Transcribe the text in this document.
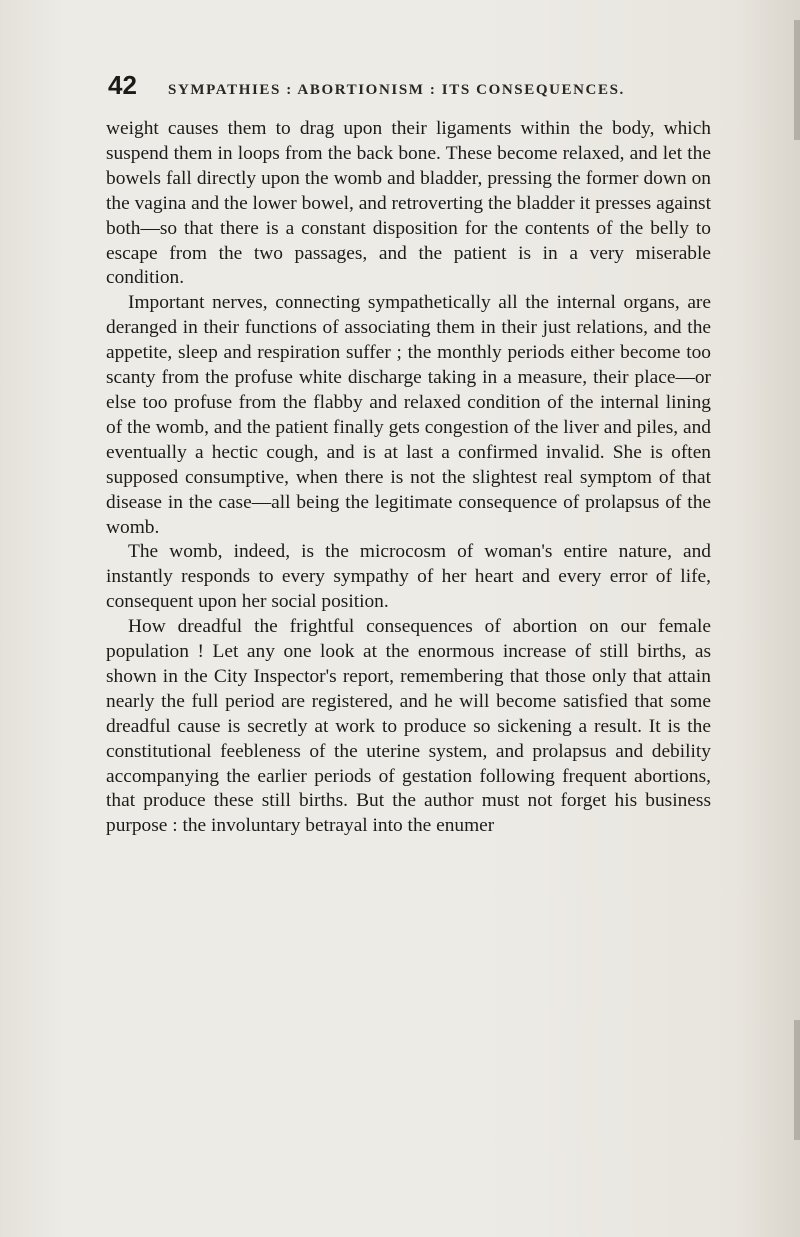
42	SYMPATHIES : ABORTIONISM : ITS CONSEQUENCES.

weight causes them to drag upon their ligaments within the body, which suspend them in loops from the back bone. These become relaxed, and let the bowels fall directly upon the womb and bladder, pressing the former down on the vagina and the lower bowel, and retroverting the bladder it presses against both—so that there is a constant disposition for the contents of the belly to escape from the two passages, and the patient is in a very miserable condition.

Important nerves, connecting sympathetically all the internal organs, are deranged in their functions of associating them in their just relations, and the appetite, sleep and respiration suffer ; the monthly periods either become too scanty from the profuse white discharge taking in a measure, their place—or else too profuse from the flabby and relaxed condition of the internal lining of the womb, and the patient finally gets congestion of the liver and piles, and eventually a hectic cough, and is at last a confirmed invalid. She is often supposed consumptive, when there is not the slightest real symptom of that disease in the case—all being the legitimate consequence of prolapsus of the womb.

The womb, indeed, is the microcosm of woman's entire nature, and instantly responds to every sympathy of her heart and every error of life, consequent upon her social position.

How dreadful the frightful consequences of abortion on our female population ! Let any one look at the enormous increase of still births, as shown in the City Inspector's report, remembering that those only that attain nearly the full period are registered, and he will become satisfied that some dreadful cause is secretly at work to produce so sickening a result. It is the constitutional feebleness of the uterine system, and prolapsus and debility accompanying the earlier periods of gestation following frequent abortions, that produce these still births. But the author must not forget his business purpose : the involuntary betrayal into the enumer
